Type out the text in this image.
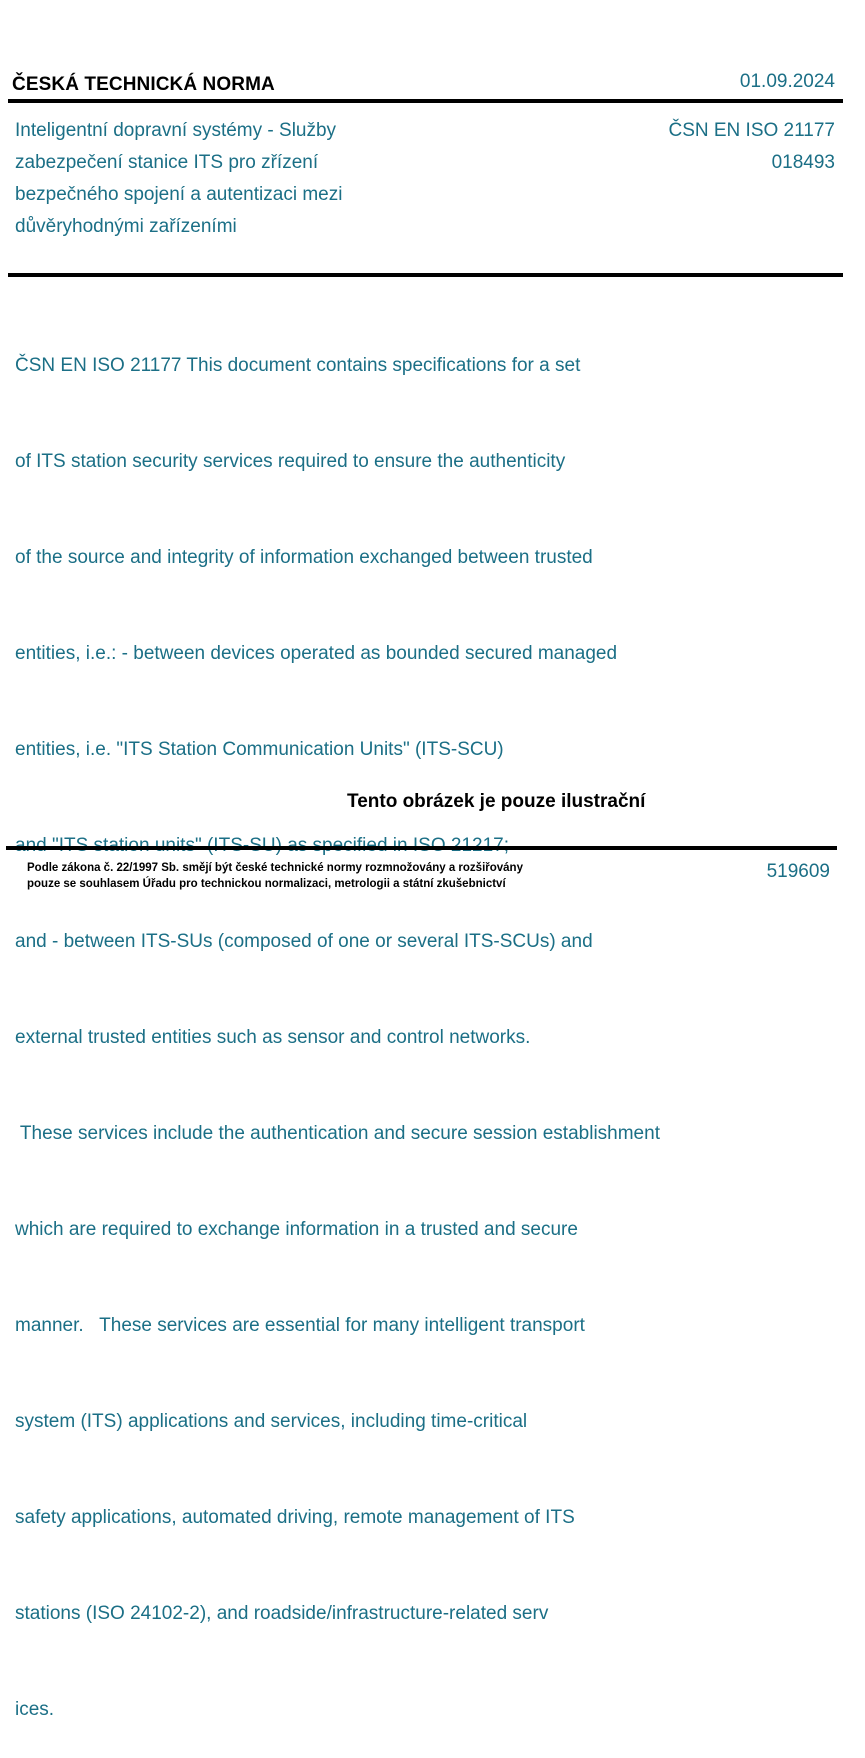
ČESKÁ TECHNICKÁ NORMA	01.09.2024
Inteligentní dopravní systémy - Služby
zabezpečení stanice ITS pro zřízení
bezpečného spojení a autentizaci mezi
důvěryhodnými zařízeními
ČSN EN ISO 21177
018493

ČSN EN ISO 21177 This document contains specifications for a set

of ITS station security services required to ensure the authenticity

of the source and integrity of information exchanged between trusted

entities, i.e.: - between devices operated as bounded secured managed

entities, i.e. "ITS Station Communication Units" (ITS-SCU)

and - between ITS-SUs (composed of one or several ITS-SCUs) and

external trusted entities such as sensor and control networks.

These services include the authentication and secure session establishment

which are required to exchange information in a trusted and secure

manner.   These services are essential for many intelligent transport

system (ITS) applications and services, including time-critical

safety applications, automated driving, remote management of ITS

stations (ISO 24102-2), and roadside/infrastructure-related serv

ices.

Tento obrázek je pouze ilustrační
Podle zákona č. 22/1997 Sb. smějí být české technické normy rozmnožovány a rozšiřovány
pouze se souhlasem Úřadu pro technickou normalizaci, metrologii a státní zkušebnictví
519609
